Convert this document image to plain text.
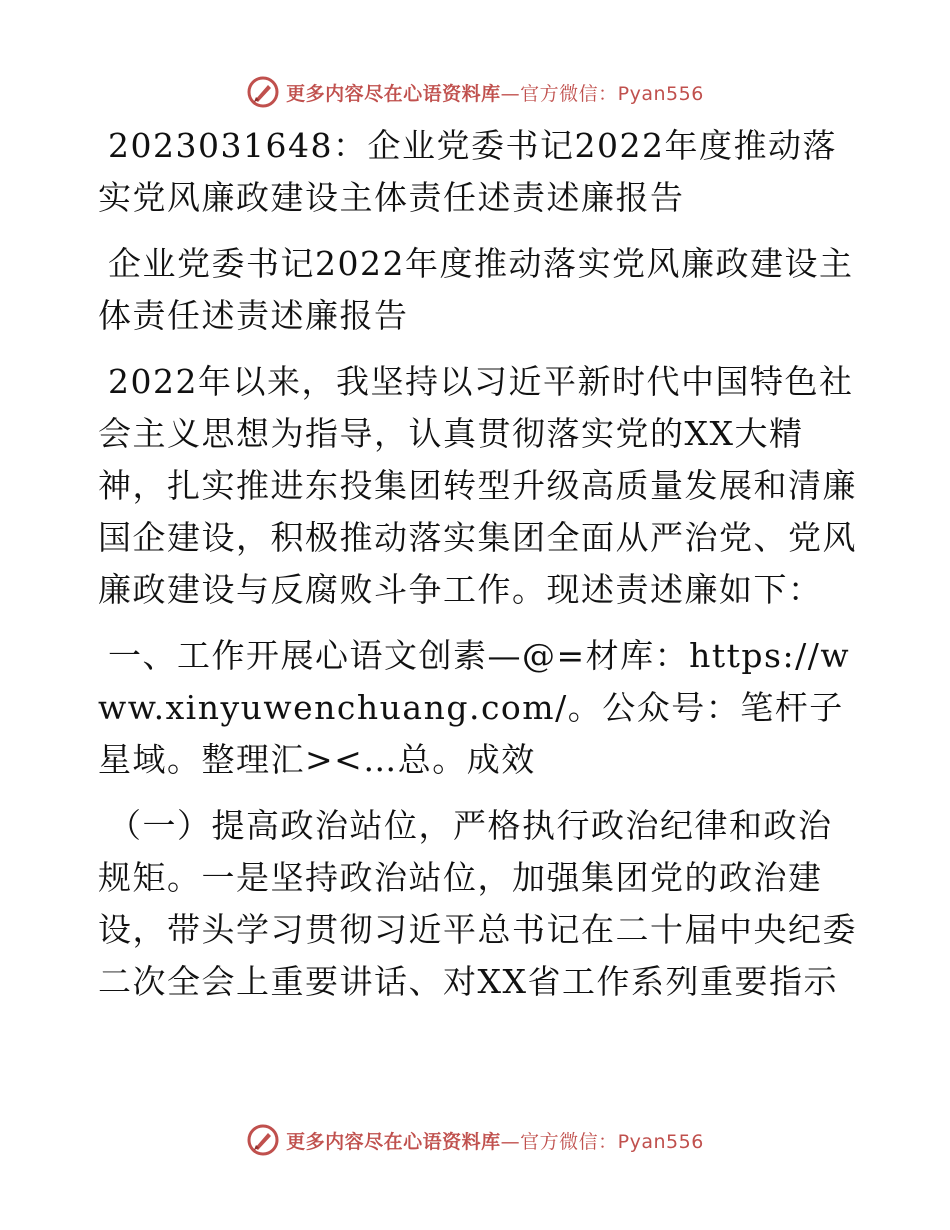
更多内容尽在心语资料库—官方微信：Pyan556

2023031648：企业党委书记2022年度推动落实党风廉政建设主体责任述责述廉报告

企业党委书记2022年度推动落实党风廉政建设主体责任述责述廉报告

2022年以来，我坚持以习近平新时代中国特色社会主义思想为指导，认真贯彻落实党的XX大精神，扎实推进东投集团转型升级高质量发展和清廉国企建设，积极推动落实集团全面从严治党、党风廉政建设与反腐败斗争工作。现述责述廉如下：

一、工作开展心语文创素—@=材库：https://www.xinyuwenchuang.com/。公众号：笔杆子星域。整理汇><…总。成效

（一）提高政治站位，严格执行政治纪律和政治规矩。一是坚持政治站位，加强集团党的政治建设，带头学习贯彻习近平总书记在二十届中央纪委二次全会上重要讲话、对XX省工作系列重要指示

更多内容尽在心语资料库—官方微信：Pyan556
